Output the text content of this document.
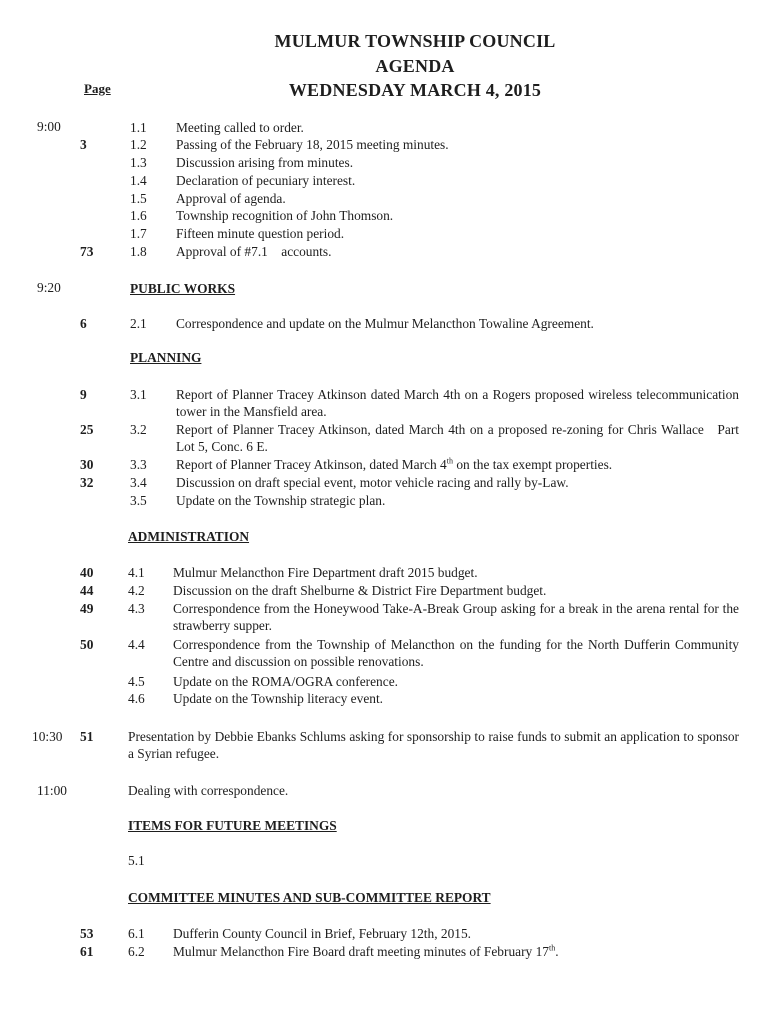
MULMUR TOWNSHIP COUNCIL
AGENDA
WEDNESDAY MARCH 4, 2015
Page
9:00	1.1 Meeting called to order.
3	1.2 Passing of the February 18, 2015 meeting minutes.
1.3 Discussion arising from minutes.
1.4 Declaration of pecuniary interest.
1.5 Approval of agenda.
1.6 Township recognition of John Thomson.
1.7 Fifteen minute question period.
73	1.8 Approval of #7.1    accounts.
9:20	PUBLIC WORKS
6	2.1 Correspondence and update on the Mulmur Melancthon Towaline Agreement.
PLANNING
9	3.1 Report of Planner Tracey Atkinson dated March 4th on a Rogers proposed wireless telecommunication tower in the Mansfield area.
25	3.2 Report of Planner Tracey Atkinson, dated March 4th on a proposed re-zoning for Chris Wallace   Part Lot 5, Conc. 6 E.
30	3.3 Report of Planner Tracey Atkinson, dated March 4th on the tax exempt properties.
32	3.4 Discussion on draft special event, motor vehicle racing and rally by-Law.
3.5 Update on the Township strategic plan.
ADMINISTRATION
40	4.1 Mulmur Melancthon Fire Department draft 2015 budget.
44	4.2 Discussion on the draft Shelburne & District Fire Department budget.
49	4.3 Correspondence from the Honeywood Take-A-Break Group asking for a break in the arena rental for the strawberry supper.
50	4.4 Correspondence from the Township of Melancthon on the funding for the North Dufferin Community Centre and discussion on possible renovations.
4.5 Update on the ROMA/OGRA conference.
4.6 Update on the Township literacy event.
10:30 51	Presentation by Debbie Ebanks Schlums asking for sponsorship to raise funds to submit an application to sponsor a Syrian refugee.
11:00	Dealing with correspondence.
ITEMS FOR FUTURE MEETINGS
5.1
COMMITTEE MINUTES AND SUB-COMMITTEE REPORT
53	6.1 Dufferin County Council in Brief, February 12th, 2015.
61	6.2 Mulmur Melancthon Fire Board draft meeting minutes of February 17th.
